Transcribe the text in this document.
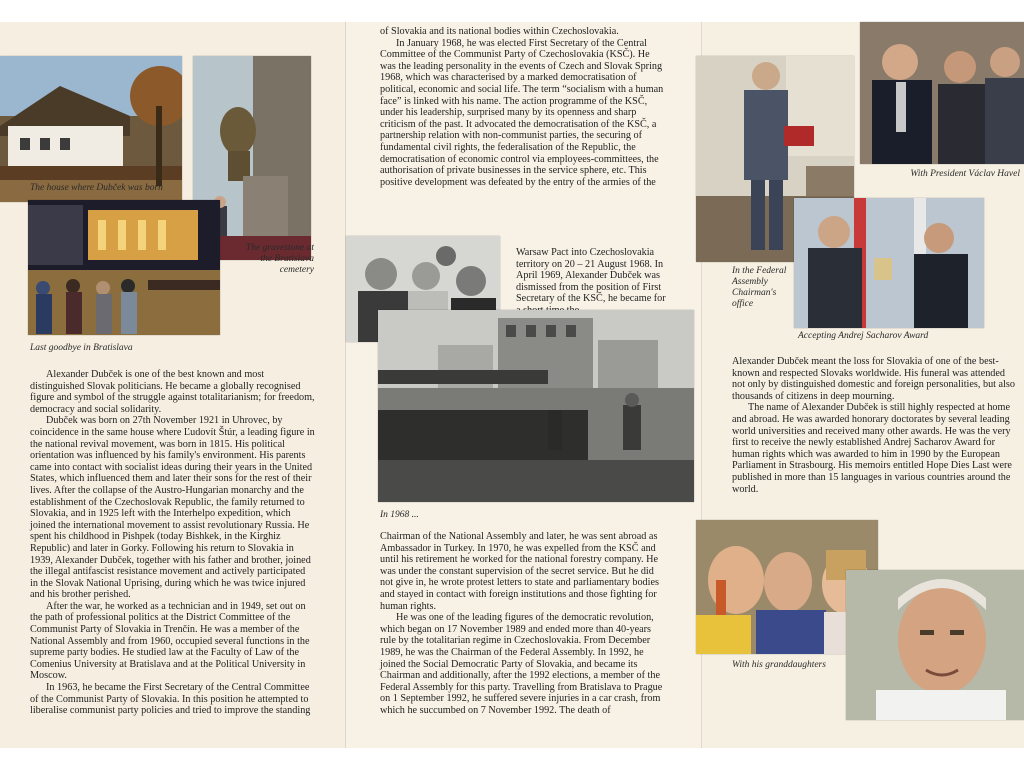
The house where Dubček was born
The gravestone at the Bratislava cemetery
Last goodbye in Bratislava

Alexander Dubček is one of the best known and most distinguished Slovak politicians. He became a globally recognised figure and symbol of the struggle against totalitarianism; for freedom, democracy and social solidarity.

Dubček was born on 27th November 1921 in Uhrovec, by coincidence in the same house where Ľudovít Štúr, a leading figure in the national revival movement, was born in 1815. His political orientation was influenced by his family's environment. His parents came into contact with socialist ideas during their years in the United States, which influenced them and later their sons for the rest of their lives. After the collapse of the Austro-Hungarian monarchy and the establishment of the Czechoslovak Republic, the family returned to Slovakia, and in 1925 left with the Interhelpo expedition, which joined the international movement to assist revolutionary Russia. He spent his childhood in Pishpek (today Bishkek, in the Kirghiz Republic) and later in Gorky. Following his return to Slovakia in 1939, Alexander Dubček, together with his father and brother, joined the illegal antifascist resistance movement and actively participated in the Slovak National Uprising, during which he was twice injured and his brother perished.

After the war, he worked as a technician and in 1949, set out on the path of professional politics at the District Committee of the Communist Party of Slovakia in Trenčín. He was a member of the National Assembly and from 1960, occupied several functions in the supreme party bodies. He studied law at the Faculty of Law of the Comenius University at Bratislava and at the Political University in Moscow.

In 1963, he became the First Secretary of the Central Committee of the Communist Party of Slovakia. In this position he attempted to liberalise communist party policies and tried to improve the standing

of Slovakia and its national bodies within Czechoslovakia.

In January 1968, he was elected First Secretary of the Central Committee of the Communist Party of Czechoslovakia (KSČ). He was the leading personality in the events of Czech and Slovak Spring 1968, which was characterised by a marked democratisation of political, economic and social life. The term “socialism with a human face” is linked with his name. The action programme of the KSČ, under his leadership, surprised many by its openness and sharp criticism of the past. It advocated the democratisation of the KSČ, a partnership relation with non-communist parties, the securing of fundamental civil rights, the federalisation of the Republic, the democratisation of economic control via employees-committees, the authorisation of private businesses in the service sphere, etc. This positive development was defeated by the entry of the armies of the

Warsaw Pact into Czechoslovakia territory on 20 – 21 August 1968. In April 1969, Alexander Dubček was dismissed from the position of First Secretary of the KSČ, he became for
In 1968 ...

Chairman of the National Assembly and later, he was sent abroad as Ambassador in Turkey. In 1970, he was expelled from the KSČ and until his retirement he worked for the national forestry company. He was under the constant supervision of the secret service. But he did not give in, he wrote protest letters to state and parliamentary bodies and stayed in contact with foreign institutions and those fighting for human rights.

He was one of the leading figures of the democratic revolution, which began on 17 November 1989 and ended more than 40-years rule by the totalitarian regime in Czechoslovakia. From December 1989, he was the Chairman of the Federal Assembly. In 1992, he joined the Social Democratic Party of Slovakia, and became its Chairman and additionally, after the 1992 elections, a member of the Federal Assembly for this party. Travelling from Bratislava to Prague on 1 September 1992, he suffered severe injuries in a car crash, from which he succumbed on 7 November 1992. The death of

With President Václav Havel
In the Federal Assembly Chairman's office
Accepting Andrej Sacharov Award

Alexander Dubček meant the loss for Slovakia of one of the best-known and respected Slovaks worldwide. His funeral was attended not only by distinguished domestic and foreign personalities, but also thousands of citizens in deep mourning.

The name of Alexander Dubček is still highly respected at home and abroad. He was awarded honorary doctorates by several leading world universities and received many other awards. He was the very first to receive the newly established Andrej Sacharov Award for human rights which was awarded to him in 1990 by the European Parliament in Strasbourg. His memoirs entitled Hope Dies Last were published in more than 15 languages in various countries around the world.

With his granddaughters
